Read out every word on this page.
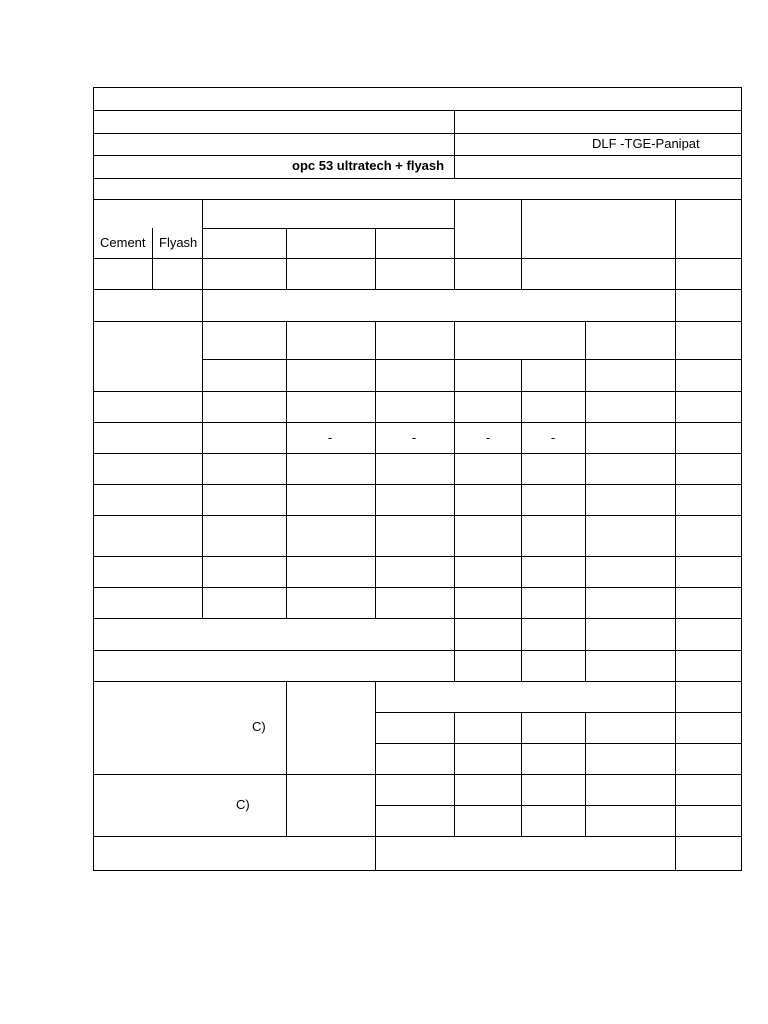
DLF -TGE-Panipat
opc 53 ultratech + flyash
Cement Flyash
-	-	-	-
C)
C)
